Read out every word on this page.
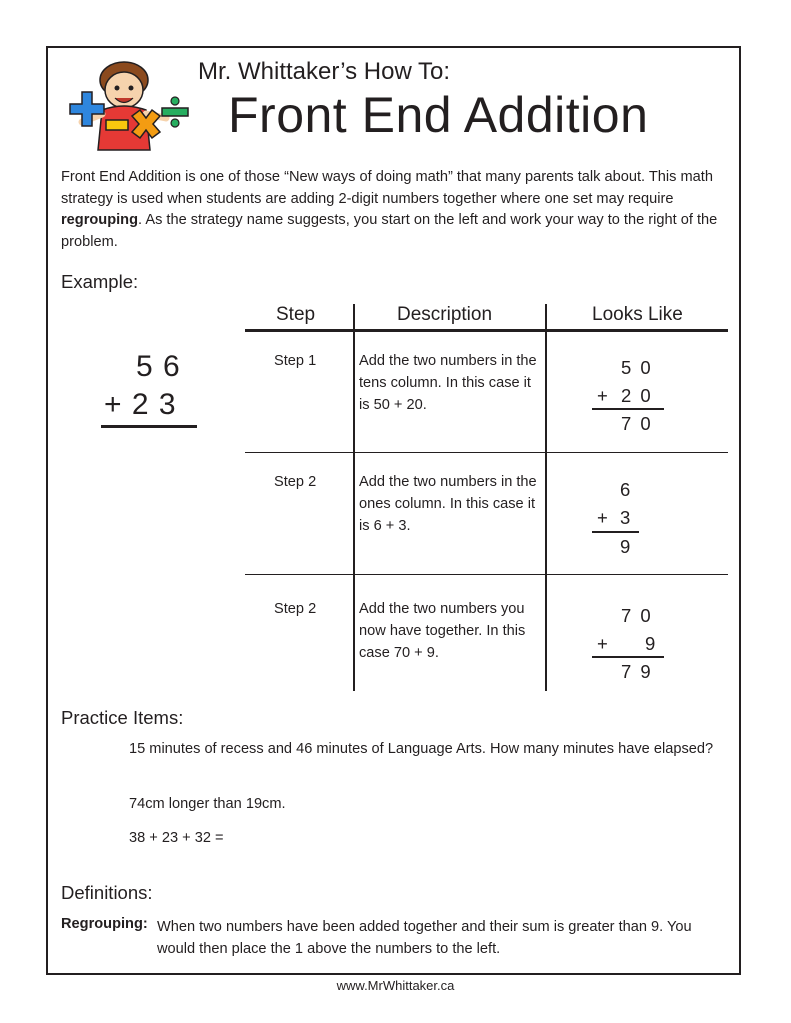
Mr. Whittaker’s How To:
Front End Addition
Front End Addition is one of those “New ways of doing math” that many parents talk about. This math strategy is used when students are adding 2-digit numbers together where one set may require regrouping. As the strategy name suggests, you start on the left and work your way to the right of the problem.
Example:
5 6
+ 2 3
Step	Description	Looks Like
Step 1	Add the two numbers in the tens column. In this case it is 50 + 20.
5 0
+ 2 0
7 0
Step 2	Add the two numbers in the ones column. In this case it is 6 + 3.
6
+ 3
9
Step 2	Add the two numbers you now have together. In this case 70 + 9.
7 0
+ 9
7 9
Practice Items:
15 minutes of recess and 46 minutes of Language Arts. How many minutes have elapsed?
74cm longer than 19cm.
38 + 23 + 32 =
Definitions:
Regrouping: When two numbers have been added together and their sum is greater than 9. You would then place the 1 above the numbers to the left.
www.MrWhittaker.ca
